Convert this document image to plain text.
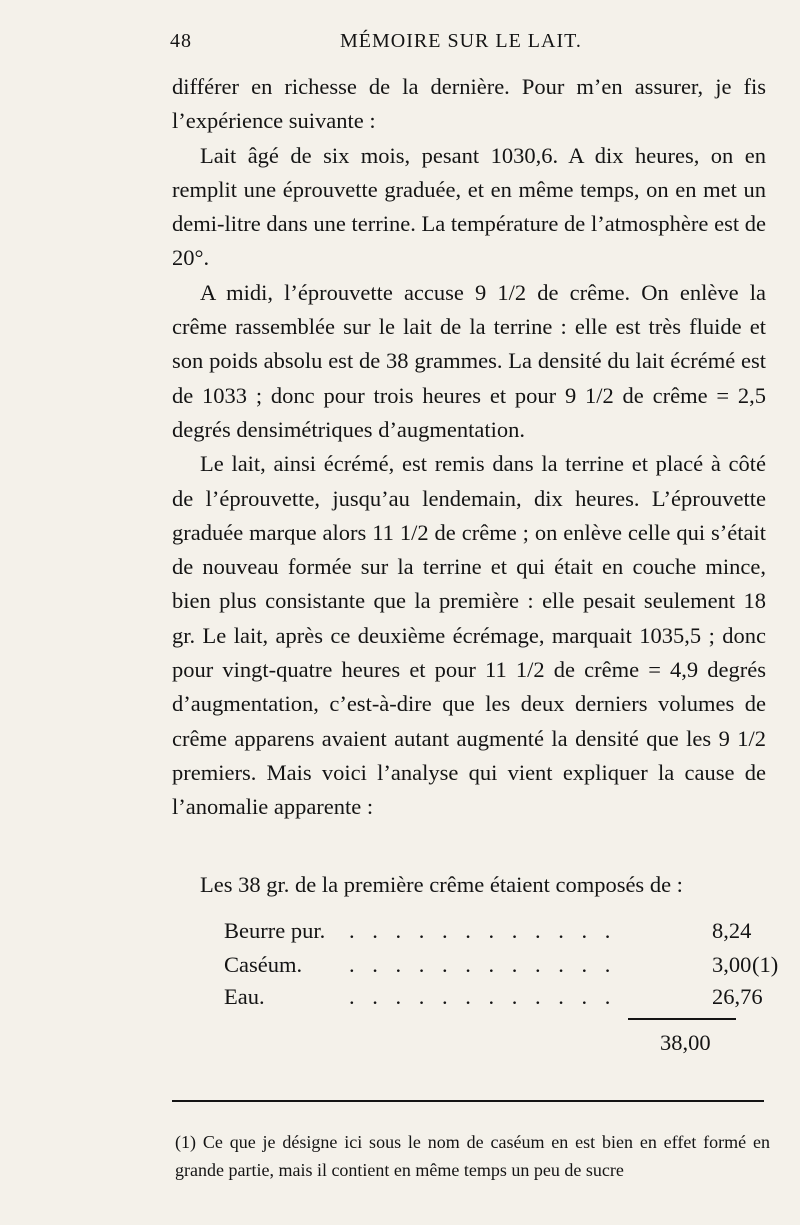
48	MÉMOIRE SUR LE LAIT.

différer en richesse de la dernière. Pour m’en assurer, je fis l’expérience suivante :

Lait âgé de six mois, pesant 1030,6. A dix heures, on en remplit une éprouvette graduée, et en même temps, on en met un demi-litre dans une terrine. La température de l’atmosphère est de 20°.

A midi, l’éprouvette accuse 9 1/2 de crême. On enlève la crême rassemblée sur le lait de la terrine : elle est très fluide et son poids absolu est de 38 grammes. La densité du lait écrémé est de 1033 ; donc pour trois heures et pour 9 1/2 de crême = 2,5 degrés densimétriques d’augmentation.

Le lait, ainsi écrémé, est remis dans la terrine et placé à côté de l’éprouvette, jusqu’au lendemain, dix heures. L’éprouvette graduée marque alors 11 1/2 de crême ; on enlève celle qui s’était de nouveau formée sur la terrine et qui était en couche mince, bien plus consistante que la première : elle pesait seulement 18 gr. Le lait, après ce deuxième écrémage, marquait 1035,5 ; donc pour vingt-quatre heures et pour 11 1/2 de crême = 4,9 degrés d’augmentation, c’est-à-dire que les deux derniers volumes de crême apparens avaient autant augmenté la densité que les 9 1/2 premiers. Mais voici l’analyse qui vient expliquer la cause de l’anomalie apparente :

Les 38 gr. de la première crême étaient composés de :
Beurre pur. . . . . . . . . . . . .	8,24
Caséum. . . . . . . . . . . . .	3,00 (1)
Eau.	. . . . . . . . . . . .	26,76
38,00

(1) Ce que je désigne ici sous le nom de caséum en est bien en effet formé en grande partie, mais il contient en même temps un peu de sucre
